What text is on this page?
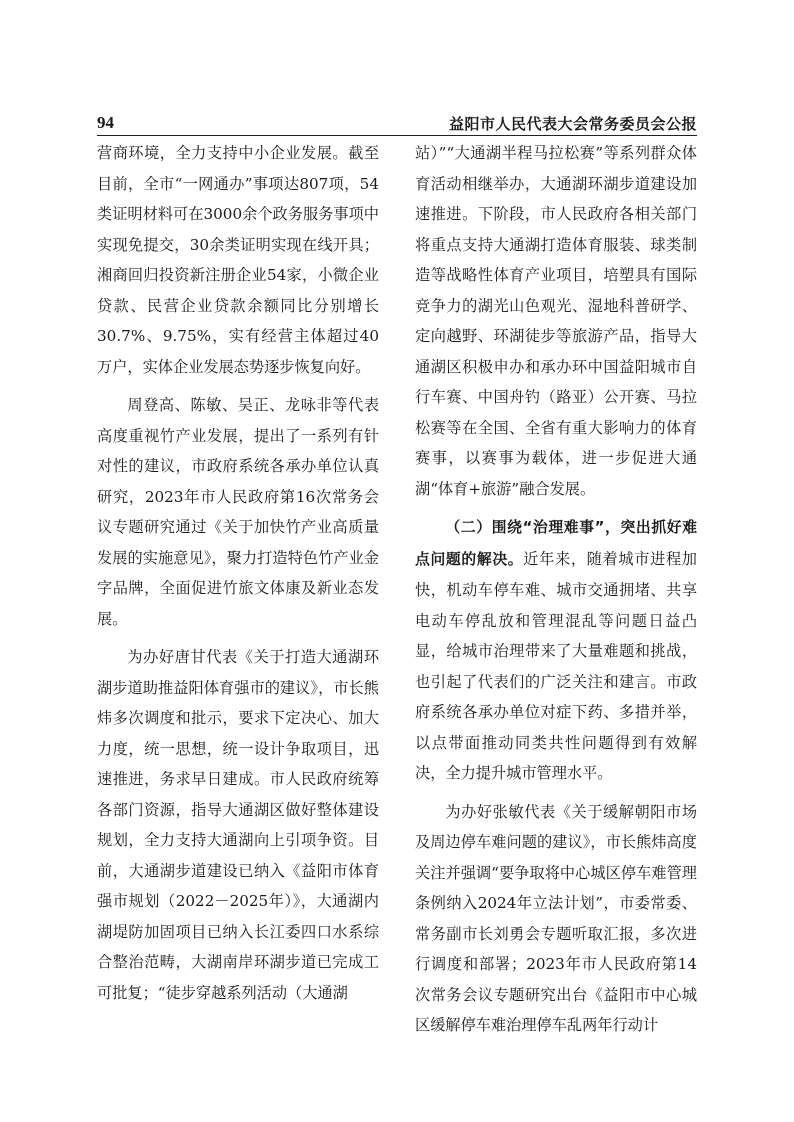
94	益阳市人民代表大会常务委员会公报

营商环境，全力支持中小企业发展。截至目前，全市“一网通办”事项达807项，54类证明材料可在3000余个政务服务事项中实现免提交，30余类证明实现在线开具；湘商回归投资新注册企业54家，小微企业贷款、民营企业贷款余额同比分别增长30.7%、9.75%，实有经营主体超过40万户，实体企业发展态势逐步恢复向好。

周登高、陈敏、吴正、龙咏非等代表高度重视竹产业发展，提出了一系列有针对性的建议，市政府系统各承办单位认真研究，2023年市人民政府第16次常务会议专题研究通过《关于加快竹产业高质量发展的实施意见》，聚力打造特色竹产业金字品牌，全面促进竹旅文体康及新业态发展。

为办好唐甘代表《关于打造大通湖环湖步道助推益阳体育强市的建议》，市长熊炜多次调度和批示，要求下定决心、加大力度，统一思想，统一设计争取项目，迅速推进，务求早日建成。市人民政府统筹各部门资源，指导大通湖区做好整体建设规划，全力支持大通湖向上引项争资。目前，大通湖步道建设已纳入《益阳市体育强市规划（2022－2025年）》，大通湖内湖堤防加固项目已纳入长江委四口水系综合整治范畴，大湖南岸环湖步道已完成工可批复；“徒步穿越系列活动（大通湖

站）”“大通湖半程马拉松赛”等系列群众体育活动相继举办，大通湖环湖步道建设加速推进。下阶段，市人民政府各相关部门将重点支持大通湖打造体育服装、球类制造等战略性体育产业项目，培塑具有国际竞争力的湖光山色观光、湿地科普研学、定向越野、环湖徒步等旅游产品，指导大通湖区积极申办和承办环中国益阳城市自行车赛、中国舟钓（路亚）公开赛、马拉松赛等在全国、全省有重大影响力的体育赛事，以赛事为载体，进一步促进大通湖“体育+旅游”融合发展。

（二）围绕“治理难事”，突出抓好难点问题的解决。近年来，随着城市进程加快，机动车停车难、城市交通拥堵、共享电动车停乱放和管理混乱等问题日益凸显，给城市治理带来了大量难题和挑战，也引起了代表们的广泛关注和建言。市政府系统各承办单位对症下药、多措并举，以点带面推动同类共性问题得到有效解决，全力提升城市管理水平。

为办好张敏代表《关于缓解朝阳市场及周边停车难问题的建议》，市长熊炜高度关注并强调“要争取将中心城区停车难管理条例纳入2024年立法计划”，市委常委、常务副市长刘勇会专题听取汇报，多次进行调度和部署；2023年市人民政府第14次常务会议专题研究出台《益阳市中心城区缓解停车难治理停车乱两年行动计
